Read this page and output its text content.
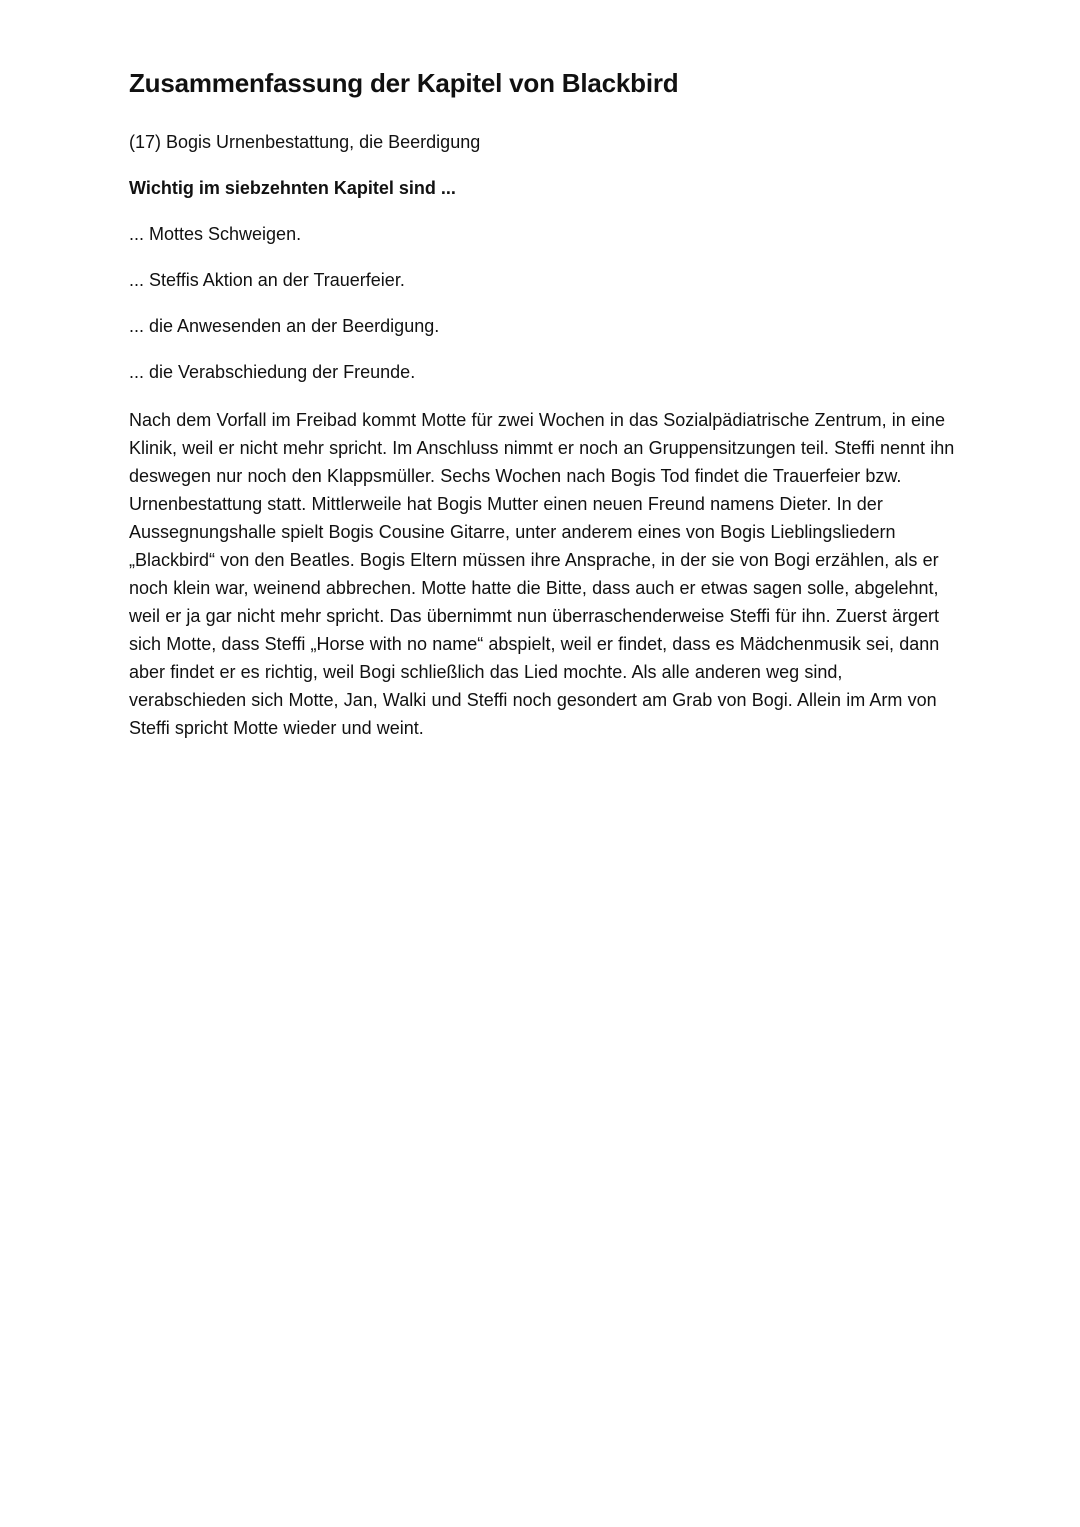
Zusammenfassung der Kapitel von Blackbird

(17) Bogis Urnenbestattung, die Beerdigung

Wichtig im siebzehnten Kapitel sind ...

... Mottes Schweigen.
... Steffis Aktion an der Trauerfeier.
... die Anwesenden an der Beerdigung.
... die Verabschiedung der Freunde.

Nach dem Vorfall im Freibad kommt Motte für zwei Wochen in das Sozialpädiatrische Zentrum, in eine Klinik, weil er nicht mehr spricht. Im Anschluss nimmt er noch an Gruppensitzungen teil. Steffi nennt ihn deswegen nur noch den Klappsmüller. Sechs Wochen nach Bogis Tod findet die Trauerfeier bzw. Urnenbestattung statt. Mittlerweile hat Bogis Mutter einen neuen Freund namens Dieter. In der Aussegnungshalle spielt Bogis Cousine Gitarre, unter anderem eines von Bogis Lieblingsliedern „Blackbird“ von den Beatles. Bogis Eltern müssen ihre Ansprache, in der sie von Bogi erzählen, als er noch klein war, weinend abbrechen. Motte hatte die Bitte, dass auch er etwas sagen solle, abgelehnt, weil er ja gar nicht mehr spricht. Das übernimmt nun überraschenderweise Steffi für ihn. Zuerst ärgert sich Motte, dass Steffi „Horse with no name“ abspielt, weil er findet, dass es Mädchenmusik sei, dann aber findet er es richtig, weil Bogi schließlich das Lied mochte. Als alle anderen weg sind, verabschieden sich Motte, Jan, Walki und Steffi noch gesondert am Grab von Bogi. Allein im Arm von Steffi spricht Motte wieder und weint.
